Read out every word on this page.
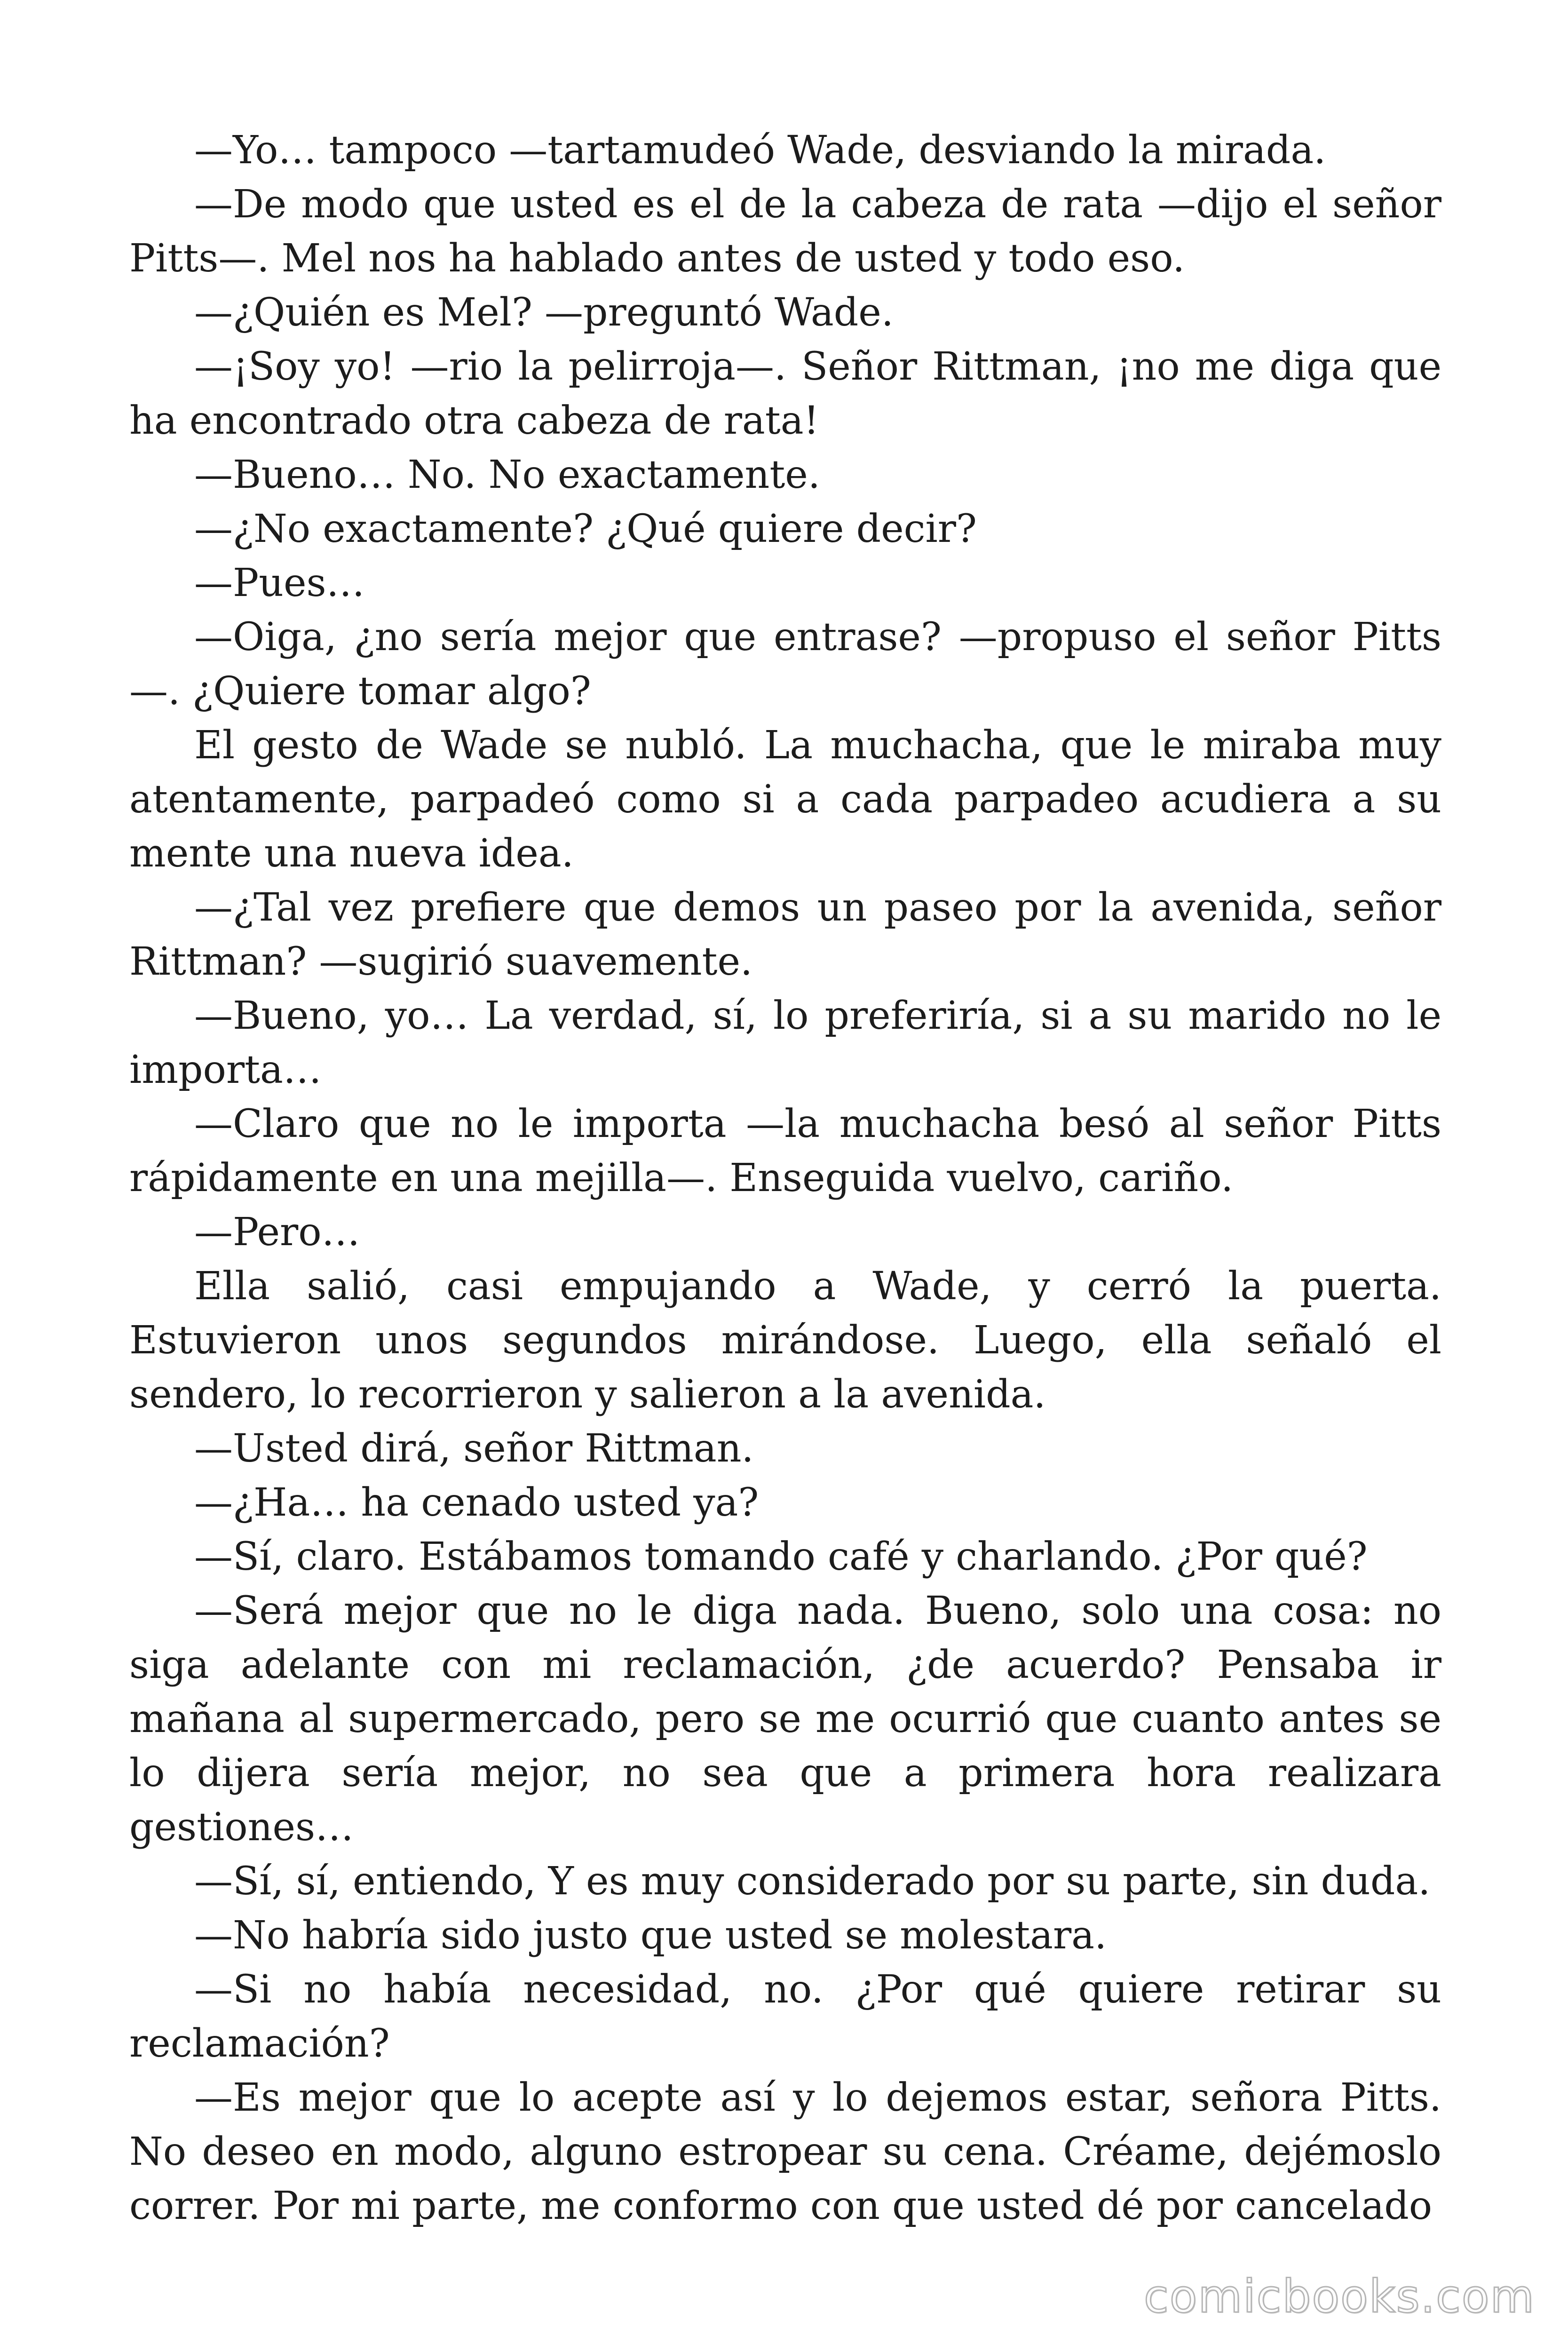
—Yo… tampoco —tartamudeó Wade, desviando la mirada.

—De modo que usted es el de la cabeza de rata —dijo el señor Pitts—. Mel nos ha hablado antes de usted y todo eso.

—¿Quién es Mel? —preguntó Wade.

—¡Soy yo! —rio la pelirroja—. Señor Rittman, ¡no me diga que ha encontrado otra cabeza de rata!

—Bueno… No. No exactamente.

—¿No exactamente? ¿Qué quiere decir?

—Pues…

—Oiga, ¿no sería mejor que entrase? —propuso el señor Pitts—. ¿Quiere tomar algo?

El gesto de Wade se nubló. La muchacha, que le miraba muy atentamente, parpadeó como si a cada parpadeo acudiera a su mente una nueva idea.

—¿Tal vez prefiere que demos un paseo por la avenida, señor Rittman? —sugirió suavemente.

—Bueno, yo… La verdad, sí, lo preferiría, si a su marido no le importa…

—Claro que no le importa —la muchacha besó al señor Pitts rápidamente en una mejilla—. Enseguida vuelvo, cariño.

—Pero…

Ella salió, casi empujando a Wade, y cerró la puerta. Estuvieron unos segundos mirándose. Luego, ella señaló el sendero, lo recorrieron y salieron a la avenida.

—Usted dirá, señor Rittman.

—¿Ha… ha cenado usted ya?

—Sí, claro. Estábamos tomando café y charlando. ¿Por qué?

—Será mejor que no le diga nada. Bueno, solo una cosa: no siga adelante con mi reclamación, ¿de acuerdo? Pensaba ir mañana al supermercado, pero se me ocurrió que cuanto antes se lo dijera sería mejor, no sea que a primera hora realizara gestiones…

—Sí, sí, entiendo, Y es muy considerado por su parte, sin duda.

—No habría sido justo que usted se molestara.

—Si no había necesidad, no. ¿Por qué quiere retirar su reclamación?

—Es mejor que lo acepte así y lo dejemos estar, señora Pitts. No deseo en modo, alguno estropear su cena. Créame, dejémoslo correr. Por mi parte, me conformo con que usted dé por cancelado

comicbooks.com
